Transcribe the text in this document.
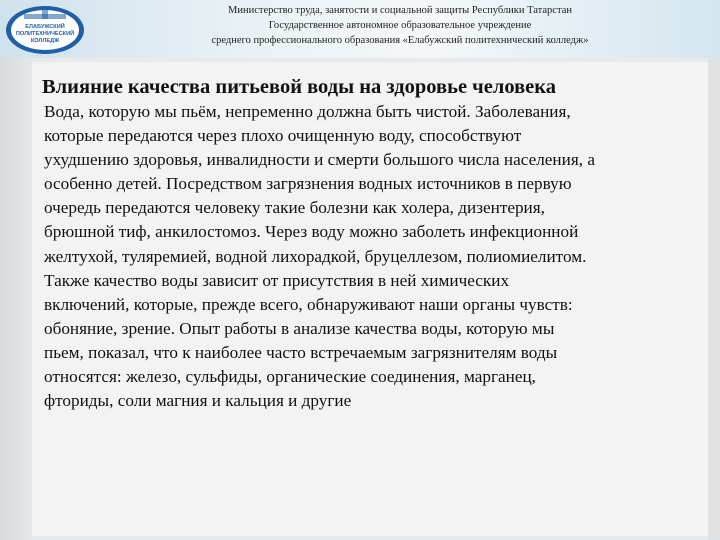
ЕЛАБУЖСКИЙ
ПОЛИТЕХНИЧЕСКИЙ
КОЛЛЕДЖ
Министерство труда, занятости и социальной защиты Республики Татарстан
Государственное автономное образовательное учреждение
среднего профессионального образования «Елабужский политехнический колледж»
Влияние качества питьевой воды на здоровье человека
Вода, которую мы пьём, непременно должна быть чистой. Заболевания,
которые передаются через плохо очищенную воду, способствуют
ухудшению здоровья, инвалидности и смерти большого числа населения, а
особенно детей. Посредством загрязнения водных источников в первую
очередь передаются человеку такие болезни как холера, дизентерия,
брюшной тиф, анкилостомоз. Через воду можно заболеть инфекционной
желтухой, туляремией, водной лихорадкой, бруцеллезом, полиомиелитом.
Также качество воды зависит от присутствия в ней химических
включений, которые, прежде всего, обнаруживают наши органы чувств:
обоняние, зрение. Опыт работы в анализе качества воды, которую мы
пьем, показал, что к наиболее часто встречаемым загрязнителям воды
относятся: железо, сульфиды, органические соединения, марганец,
фториды, соли магния и кальция и другие
